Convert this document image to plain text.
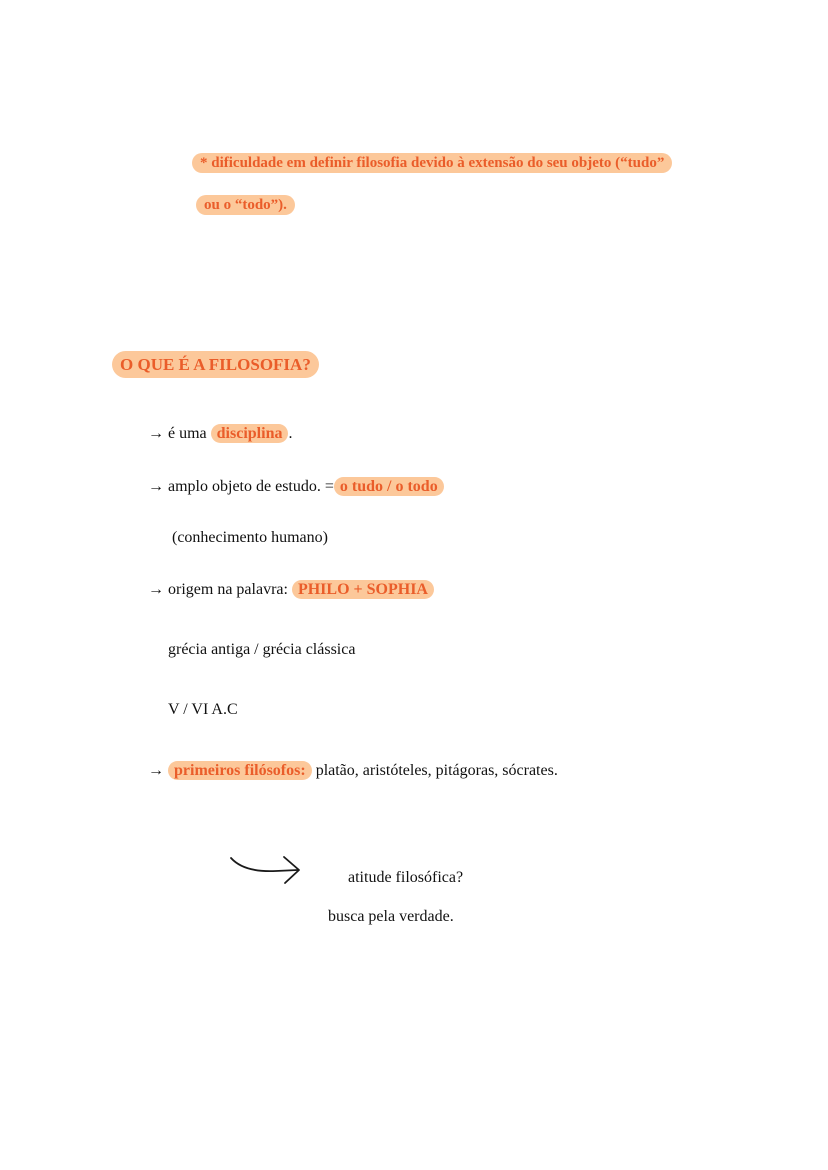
* dificuldade em definir filosofia devido à extensão do seu objeto (“tudo”
ou o “todo”).
O QUE É A FILOSOFIA?
→ é uma disciplina .
→ amplo objeto de estudo. = o tudo / o todo
(conhecimento humano)
→ origem na palavra: PHILO + SOPHIA
grécia antiga / grécia clássica
V / VI A.C
→ primeiros filósofos: platão, aristóteles, pitágoras, sócrates.
atitude filosófica?
busca pela verdade.
